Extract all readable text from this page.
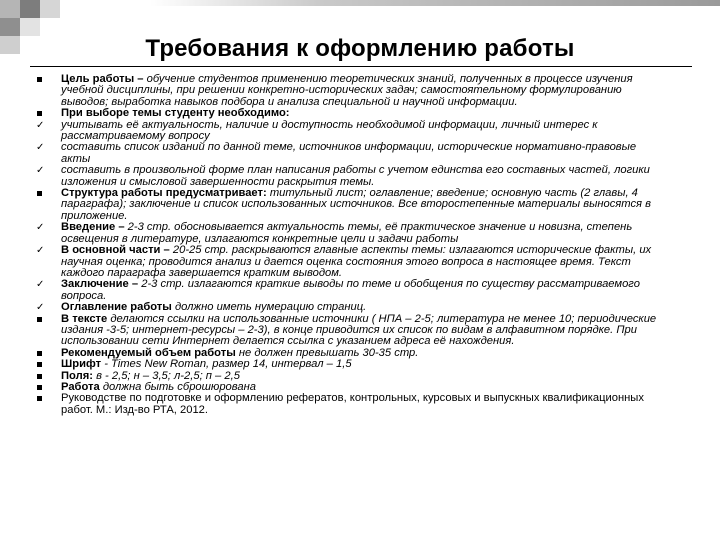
Требования к оформлению работы
Цель работы – обучение студентов применению теоретических знаний, полученных в процессе изучения учебной дисциплины, при решении конкретно-исторических задач; самостоятельному формулированию выводов; выработка навыков подбора и анализа специальной и научной информации.
При выборе темы студенту необходимо:
✓	учитывать её актуальность, наличие и доступность необходимой информации, личный интерес к рассматриваемому вопросу
✓	составить список изданий по данной теме, источников информации, исторические нормативно-правовые акты
✓	составить в произвольной форме план написания работы с учетом единства его составных частей, логики изложения и смысловой завершенности раскрытия темы.
Структура работы предусматривает: титульный лист; оглавление; введение; основную часть (2 главы, 4 параграфа); заключение и список использованных источников. Все второстепенные материалы выносятся в приложение.
✓	Введение – 2-3 стр. обосновывается актуальность темы, её практическое значение и новизна, степень освещения в литературе, излагаются конкретные цели и задачи работы
✓	В основной части – 20-25 стр. раскрываются главные аспекты темы: излагаются исторические факты, их научная оценка; проводится анализ и дается оценка состояния этого вопроса в настоящее время. Текст каждого параграфа завершается кратким выводом.
✓	Заключение – 2-3 стр. излагаются краткие выводы по теме и обобщения по существу рассматриваемого вопроса.
✓	Оглавление работы должно иметь нумерацию страниц.
В тексте делаются ссылки на использованные источники ( НПА – 2-5; литература не менее 10; периодические издания -3-5; интернет-ресурсы – 2-3), в конце приводится их список по видам в алфавитном порядке. При использовании сети Интернет делается ссылка с указанием адреса её нахождения.
Рекомендуемый объем работы не должен превышать 30-35 стр.
Шрифт - Times New Roman, размер 14, интервал – 1,5
Поля: в - 2,5; н – 3,5; л-2,5; п – 2,5
Работа должна быть сброшюрована
Руководстве по подготовке и оформлению рефератов, контрольных, курсовых и выпускных квалификационных работ. М.: Изд-во РТА, 2012.
